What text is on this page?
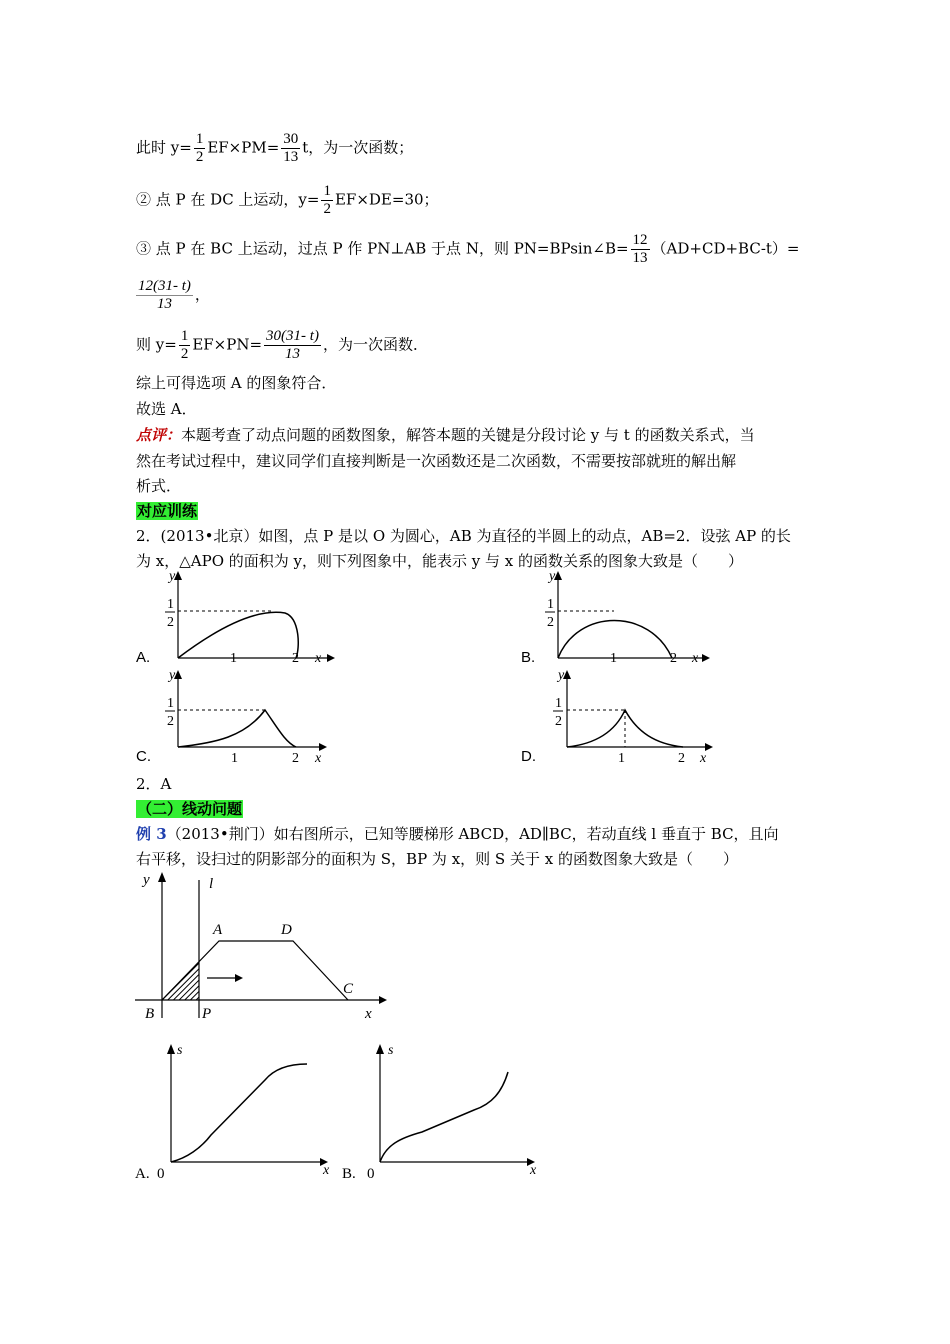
此时 $y= \frac{1}{2} EF\times PM= \frac{30}{13}$ t，为一次函数；
② 点 P 在 DC 上运动，$y= \frac{1}{2} EF\times DE=30$；
③ 点 P 在 BC 上运动，过点 P 作 PN⊥AB 于点 N，则 PN=BPsin∠B= $\frac{12}{13} (AD+CD+BC-t)=$
$\frac{12(31- t)}{13}$ ，
则 $y= \frac{1}{2} EF\times PN= \frac{30(31- t)}{13}$ ，为一次函数．
综上可得选项 A 的图象符合．
故选 A．
点评：本题考查了动点问题的函数图象，解答本题的关键是分段讨论 y 与 t 的函数关系式，当
然在考试过程中，建议同学们直接判断是一次函数还是二次函数，不需要按部就班的解出解
析式．
对应训练
2．(2013•北京）如图，点 P 是以 O 为圆心，AB 为直径的半圆上的动点，AB=2．设弦 AP 的长
为 x，△APO 的面积为 y，则下列图象中，能表示 y 与 x 的函数关系的图象大致是（　　）
A.	B.
C.	D.
y
1
2
1	2 x
y
1
2
1	2 x
y
1
2
1	2 x
y
1
2
1	2 x
2．A
（二）线动问题
例 3（2013•荆门）如右图所示，已知等腰梯形 ABCD，AD∥BC，若动直线 l 垂直于 BC，且向
右平移，设扫过的阴影部分的面积为 S，BP 为 x，则 S 关于 x 的函数图象大致是（　　）
y	l
A	D
B	P
C
x
s
A. 0	x
s
B. 0	x
